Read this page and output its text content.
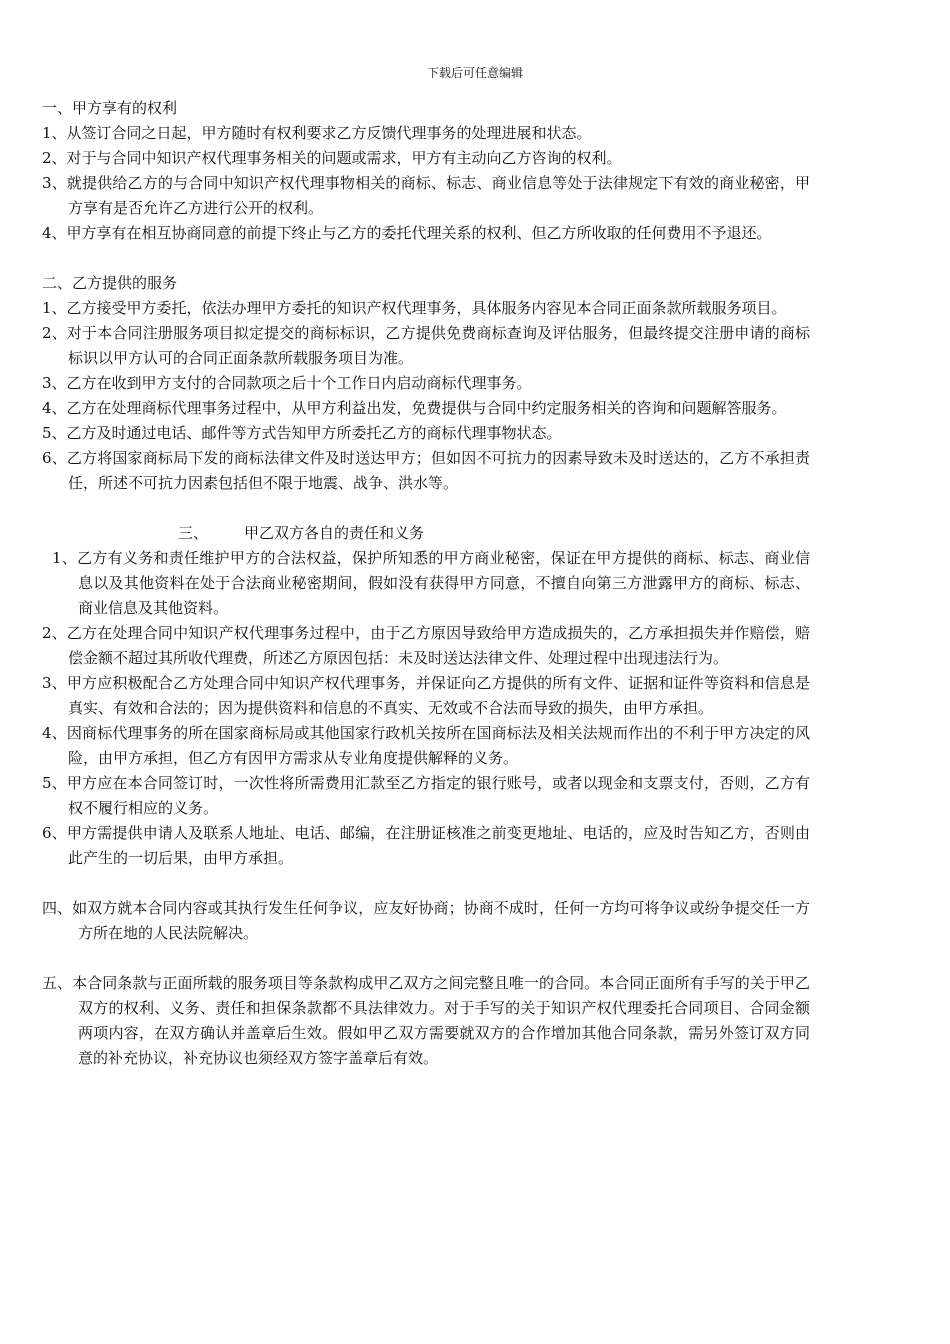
下载后可任意编辑

一、甲方享有的权利

1、从签订合同之日起，甲方随时有权利要求乙方反馈代理事务的处理进展和状态。

2、对于与合同中知识产权代理事务相关的问题或需求，甲方有主动向乙方咨询的权利。

3、就提供给乙方的与合同中知识产权代理事物相关的商标、标志、商业信息等处于法律规定下有效的商业秘密，甲方享有是否允许乙方进行公开的权利。

4、甲方享有在相互协商同意的前提下终止与乙方的委托代理关系的权利、但乙方所收取的任何费用不予退还。

二、乙方提供的服务

1、乙方接受甲方委托，依法办理甲方委托的知识产权代理事务，具体服务内容见本合同正面条款所载服务项目。

2、对于本合同注册服务项目拟定提交的商标标识，乙方提供免费商标查询及评估服务，但最终提交注册申请的商标标识以甲方认可的合同正面条款所载服务项目为准。

3、乙方在收到甲方支付的合同款项之后十个工作日内启动商标代理事务。

4、乙方在处理商标代理事务过程中，从甲方利益出发，免费提供与合同中约定服务相关的咨询和问题解答服务。

5、乙方及时通过电话、邮件等方式告知甲方所委托乙方的商标代理事物状态。

6、乙方将国家商标局下发的商标法律文件及时送达甲方；但如因不可抗力的因素导致未及时送达的，乙方不承担责任，所述不可抗力因素包括但不限于地震、战争、洪水等。

三、 甲乙双方各自的责任和义务

1、乙方有义务和责任维护甲方的合法权益，保护所知悉的甲方商业秘密，保证在甲方提供的商标、标志、商业信息以及其他资料在处于合法商业秘密期间，假如没有获得甲方同意，不擅自向第三方泄露甲方的商标、标志、商业信息及其他资料。

2、乙方在处理合同中知识产权代理事务过程中，由于乙方原因导致给甲方造成损失的，乙方承担损失并作赔偿，赔偿金额不超过其所收代理费，所述乙方原因包括：未及时送达法律文件、处理过程中出现违法行为。

3、甲方应积极配合乙方处理合同中知识产权代理事务，并保证向乙方提供的所有文件、证据和证件等资料和信息是真实、有效和合法的；因为提供资料和信息的不真实、无效或不合法而导致的损失，由甲方承担。

4、因商标代理事务的所在国家商标局或其他国家行政机关按所在国商标法及相关法规而作出的不利于甲方决定的风险，由甲方承担，但乙方有因甲方需求从专业角度提供解释的义务。

5、甲方应在本合同签订时，一次性将所需费用汇款至乙方指定的银行账号，或者以现金和支票支付，否则，乙方有权不履行相应的义务。

6、甲方需提供申请人及联系人地址、电话、邮编，在注册证核准之前变更地址、电话的，应及时告知乙方，否则由此产生的一切后果，由甲方承担。

四、如双方就本合同内容或其执行发生任何争议，应友好协商；协商不成时，任何一方均可将争议或纷争提交任一方方所在地的人民法院解决。

五、本合同条款与正面所载的服务项目等条款构成甲乙双方之间完整且唯一的合同。本合同正面所有手写的关于甲乙双方的权利、义务、责任和担保条款都不具法律效力。对于手写的关于知识产权代理委托合同项目、合同金额两项内容，在双方确认并盖章后生效。假如甲乙双方需要就双方的合作增加其他合同条款，需另外签订双方同意的补充协议，补充协议也须经双方签字盖章后有效。
